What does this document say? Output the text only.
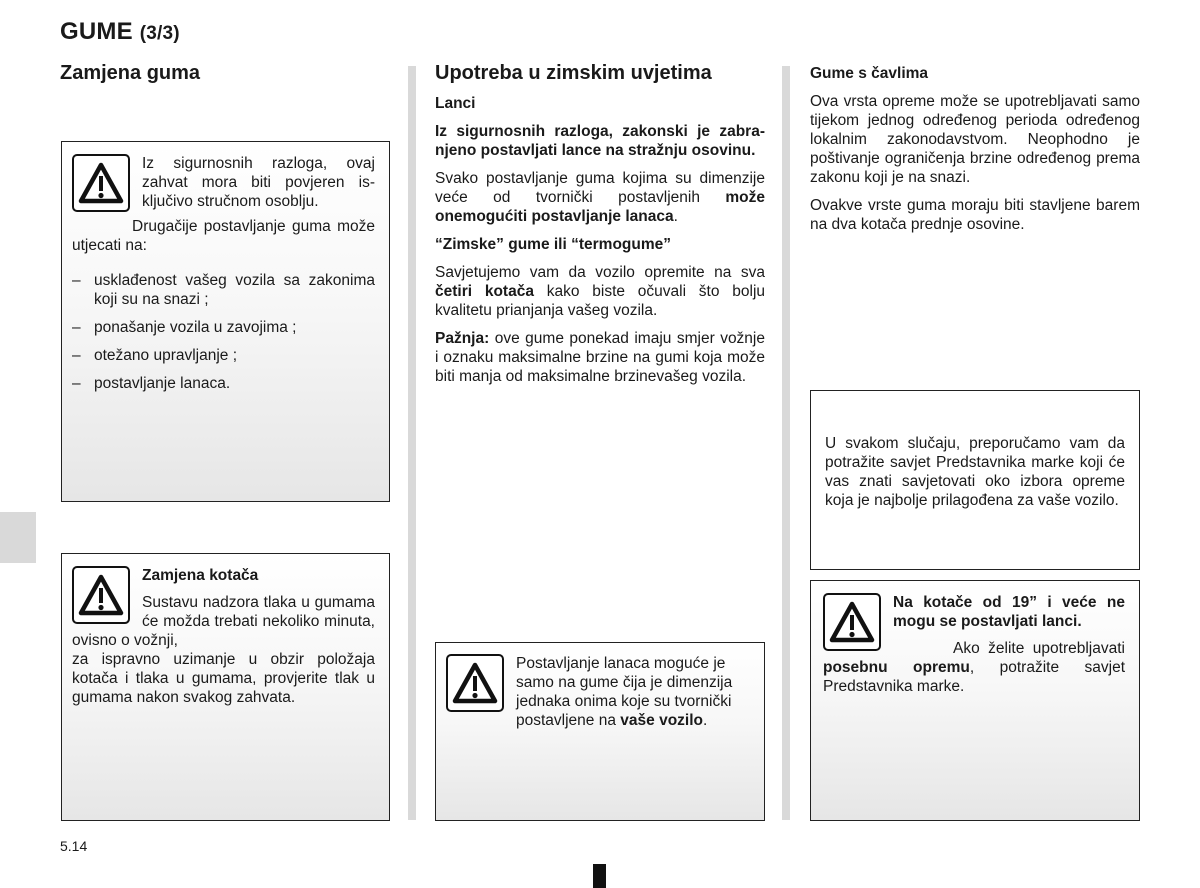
GUME (3/3)
Zamjena guma

Iz sigurnosnih razloga, ovaj zahvat mora biti povjeren isključivo stručnom osoblju.

Drugačije postavljanje guma može utjecati na:

– usklađenost vašeg vozila sa zakonima koji su na snazi ;
– ponašanje vozila u zavojima ;
– otežano upravljanje ;
– postavljanje lanaca.

Zamjena kotača

Sustavu nadzora tlaka u gumama će možda trebati nekoliko minuta, ovisno o vožnji,

za ispravno uzimanje u obzir položaja kotača i tlaka u gumama, provjerite tlak u gumama nakon svakog zahvata.

Upotreba u zimskim uvjetima

Lanci

Iz sigurnosnih razloga, zakonski je zabranjeno postavljati lance na stražnju osovinu.

Svako postavljanje guma kojima su dimenzije veće od tvornički postavljenih može onemogućiti postavljanje lanaca.

“Zimske” gume ili “termogume”

Savjetujemo vam da vozilo opremite na sva četiri kotača kako biste očuvali što bolju kvalitetu prianjanja vašeg vozila.

Pažnja: ove gume ponekad imaju smjer vožnje i oznaku maksimalne brzine na gumi koja može biti manja od maksimalne brzinevašeg vozila.

Postavljanje lanaca moguće je samo na gume čija je dimenzija jednaka onima koje su tvornički postavljene na vaše vozilo.

Gume s čavlima

Ova vrsta opreme može se upotrebljavati samo tijekom jednog određenog perioda određenog lokalnim zakonodavstvom. Neophodno je poštivanje ograničenja brzine određenog prema zakonu koji je na snazi.

Ovakve vrste guma moraju biti stavljene barem na dva kotača prednje osovine.

U svakom slučaju, preporučamo vam da potražite savjet Predstavnika marke koji će vas znati savjetovati oko izbora opreme koja je najbolje prilagođena za vaše vozilo.

Na kotače od 19” i veće ne mogu se postavljati lanci.

Ako želite upotrebljavati posebnu opremu, potražite savjet Predstavnika marke.

5.14
